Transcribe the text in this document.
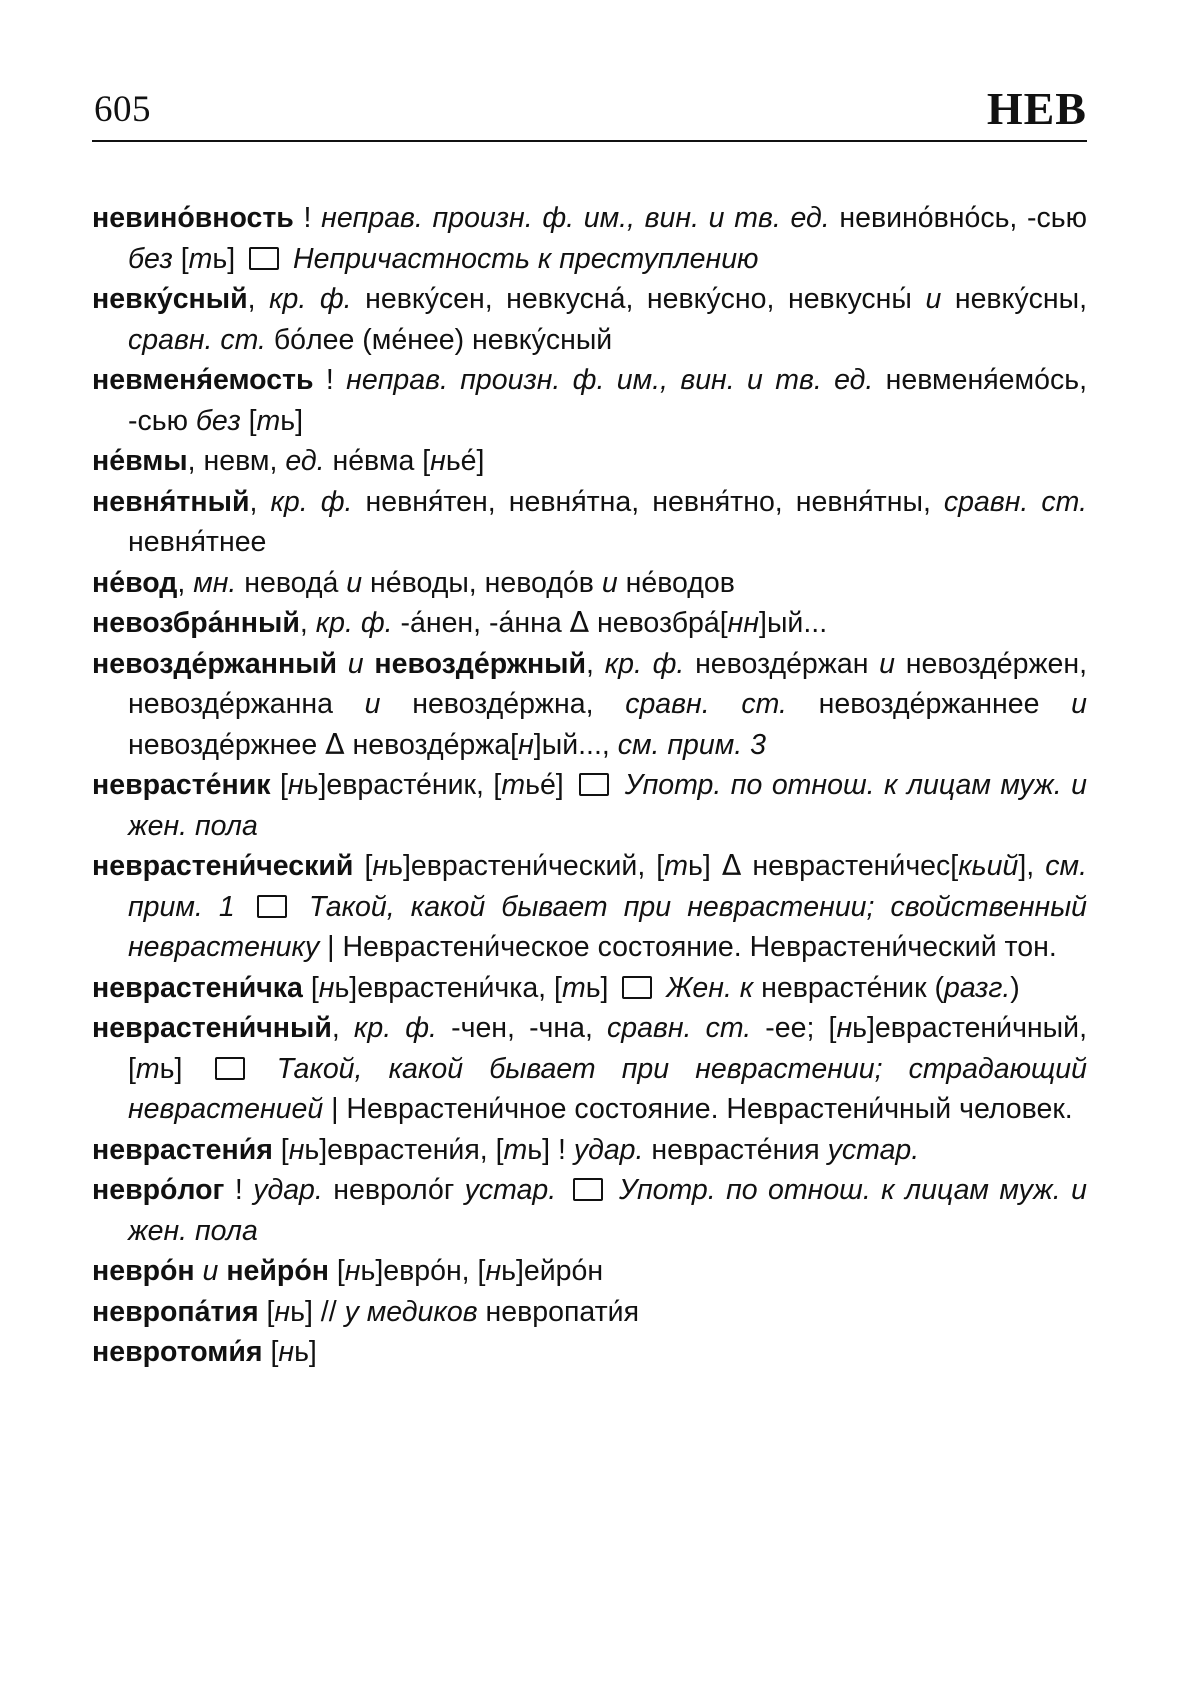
605	НЕВ

невино́вность ! неправ. произн. ф. им., вин. и тв. ед. невино́вно́сь, -сью без [ть]  Непричастность к преступлению

невку́сный, кр. ф. невку́сен, невкусна́, невку́сно, невкусны́ и невку́сны, сравн. ст. бо́лее (ме́нее) невку́сный

невменя́емость ! неправ. произн. ф. им., вин. и тв. ед. невменя́емо́сь, -сью без [ть]

не́вмы, невм, ед. не́вма [нье́]

невня́тный, кр. ф. невня́тен, невня́тна, невня́тно, невня́тны, сравн. ст. невня́тнее

не́вод, мн. невода́ и не́воды, неводо́в и не́водов

невозбра́нный, кр. ф. -а́нен, -а́нна Δ невозбра́[нн]ый...

невозде́ржанный и невозде́ржный, кр. ф. невозде́ржан и невозде́ржен, невозде́ржанна и невозде́ржна, сравн. ст. невозде́ржаннее и невозде́ржнее Δ невозде́ржа[н]ый..., см. прим. 3

неврасте́ник [нь]еврасте́ник, [тье́]  Употр. по отнош. к лицам муж. и жен. пола

неврастени́ческий [нь]еврастени́ческий, [ть] Δ неврастени́чес[кьий], см. прим. 1  Такой, какой бывает при неврастении; свойственный неврастенику | Неврастени́ческое состояние. Неврастени́ческий тон.

неврастени́чка [нь]еврастени́чка, [ть]  Жен. к неврасте́ник (разг.)

неврастени́чный, кр. ф. -чен, -чна, сравн. ст. -ее; [нь]еврастени́чный, [ть]  Такой, какой бывает при неврастении; страдающий неврастенией | Неврастени́чное состояние. Неврастени́чный человек.

неврастени́я [нь]еврастени́я, [ть] ! удар. неврасте́ния устар.

невро́лог ! удар. невроло́г устар.  Употр. по отнош. к лицам муж. и жен. пола

невро́н и нейро́н [нь]евро́н, [нь]ейро́н

невропа́тия [нь] // у медиков невропати́я

невротоми́я [нь]
